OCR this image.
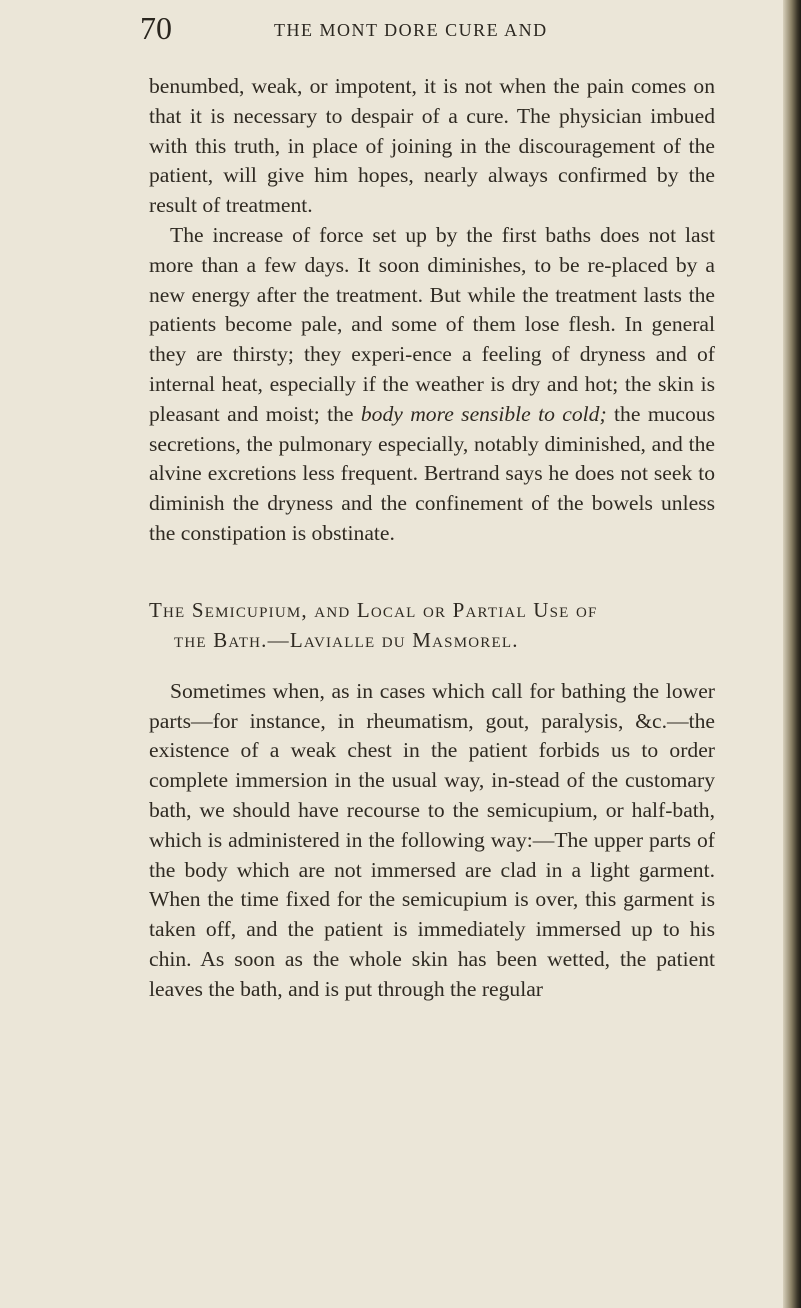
70	THE MONT DORE CURE AND

benumbed, weak, or impotent, it is not when the pain comes on that it is necessary to despair of a cure. The physician imbued with this truth, in place of joining in the discouragement of the patient, will give him hopes, nearly always confirmed by the result of treatment.

The increase of force set up by the first baths does not last more than a few days. It soon diminishes, to be re-placed by a new energy after the treatment. But while the treatment lasts the patients become pale, and some of them lose flesh. In general they are thirsty; they experi-ence a feeling of dryness and of internal heat, especially if the weather is dry and hot; the skin is pleasant and moist; the body more sensible to cold; the mucous secretions, the pulmonary especially, notably diminished, and the alvine excretions less frequent. Bertrand says he does not seek to diminish the dryness and the confinement of the bowels unless the constipation is obstinate.

The Semicupium, and Local or Partial Use of
the Bath.—Lavialle du Masmorel.

Sometimes when, as in cases which call for bathing the lower parts—for instance, in rheumatism, gout, paralysis, &c.—the existence of a weak chest in the patient forbids us to order complete immersion in the usual way, in-stead of the customary bath, we should have recourse to the semicupium, or half-bath, which is administered in the following way:—The upper parts of the body which are not immersed are clad in a light garment. When the time fixed for the semicupium is over, this garment is taken off, and the patient is immediately immersed up to his chin. As soon as the whole skin has been wetted, the patient leaves the bath, and is put through the regular
